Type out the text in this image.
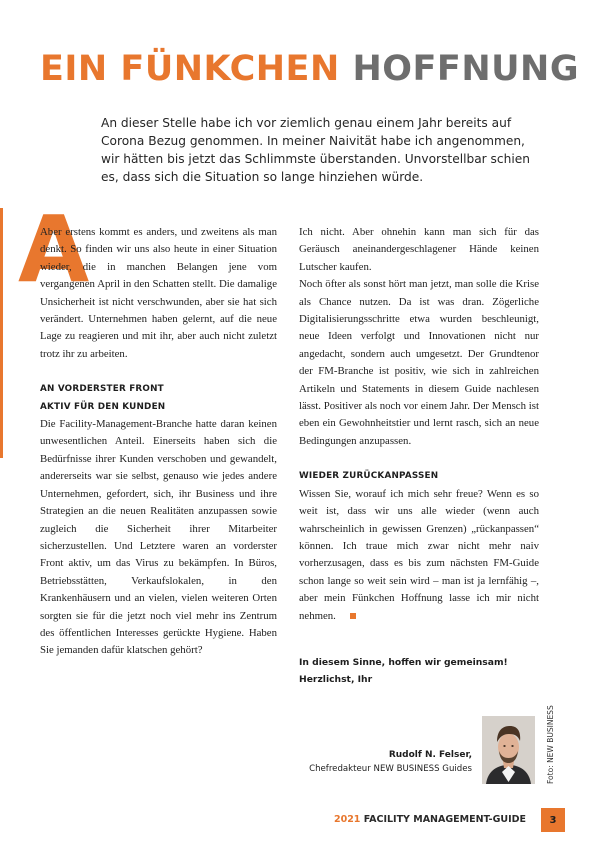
EIN FÜNKCHEN HOFFNUNG

An dieser Stelle habe ich vor ziemlich genau einem Jahr bereits auf Corona Bezug genommen. In meiner Naivität habe ich angenommen, wir hätten bis jetzt das Schlimmste überstanden. Unvorstellbar schien es, dass sich die Situation so lange hinziehen würde.

A

Aber erstens kommt es anders, und zweitens als man denkt. So finden wir uns also heute in einer Situation wieder, die in manchen Belangen jene vom vergangenen April in den Schatten stellt. Die damalige Unsicherheit ist nicht verschwunden, aber sie hat sich verändert. Unternehmen haben gelernt, auf die neue Lage zu reagieren und mit ihr, aber auch nicht zuletzt trotz ihr zu arbeiten.

AN VORDERSTER FRONT
AKTIV FÜR DEN KUNDEN

Die Facility-Management-Branche hatte daran keinen unwesentlichen Anteil. Einerseits haben sich die Bedürfnisse ihrer Kunden verschoben und gewandelt, andererseits war sie selbst, genauso wie jedes andere Unternehmen, gefordert, sich, ihr Business und ihre Strategien an die neuen Realitäten anzupassen sowie zugleich die Sicherheit ihrer Mitarbeiter sicherzustellen. Und Letztere waren an vorderster Front aktiv, um das Virus zu bekämpfen. In Büros, Betriebsstätten, Verkaufslokalen, in den Krankenhäusern und an vielen, vielen weiteren Orten sorgten sie für die jetzt noch viel mehr ins Zentrum des öffentlichen Interesses gerückte Hygiene. Haben Sie jemanden dafür klatschen gehört?

Ich nicht. Aber ohnehin kann man sich für das Geräusch aneinandergeschlagener Hände keinen Lutscher kaufen.

Noch öfter als sonst hört man jetzt, man solle die Krise als Chance nutzen. Da ist was dran. Zögerliche Digitalisierungsschritte etwa wurden beschleunigt, neue Ideen verfolgt und Innovationen nicht nur angedacht, sondern auch umgesetzt. Der Grundtenor der FM-Branche ist positiv, wie sich in zahlreichen Artikeln und Statements in diesem Guide nachlesen lässt. Positiver als noch vor einem Jahr. Der Mensch ist eben ein Gewohnheitstier und lernt rasch, sich an neue Bedingungen anzupassen.

WIEDER ZURÜCKANPASSEN

Wissen Sie, worauf ich mich sehr freue? Wenn es so weit ist, dass wir uns alle wieder (wenn auch wahrscheinlich in gewissen Grenzen) „rückanpassen“ können. Ich traue mich zwar nicht mehr naiv vorherzusagen, dass es bis zum nächsten FM-Guide schon lange so weit sein wird – man ist ja lernfähig –, aber mein Fünkchen Hoffnung lasse ich mir nicht nehmen.

In diesem Sinne, hoffen wir gemeinsam!

Herzlichst, Ihr

Rudolf N. Felser,
Chefredakteur NEW BUSINESS Guides	Foto: NEW BUSINESS
2021 FACILITY MANAGEMENT-GUIDE	3
